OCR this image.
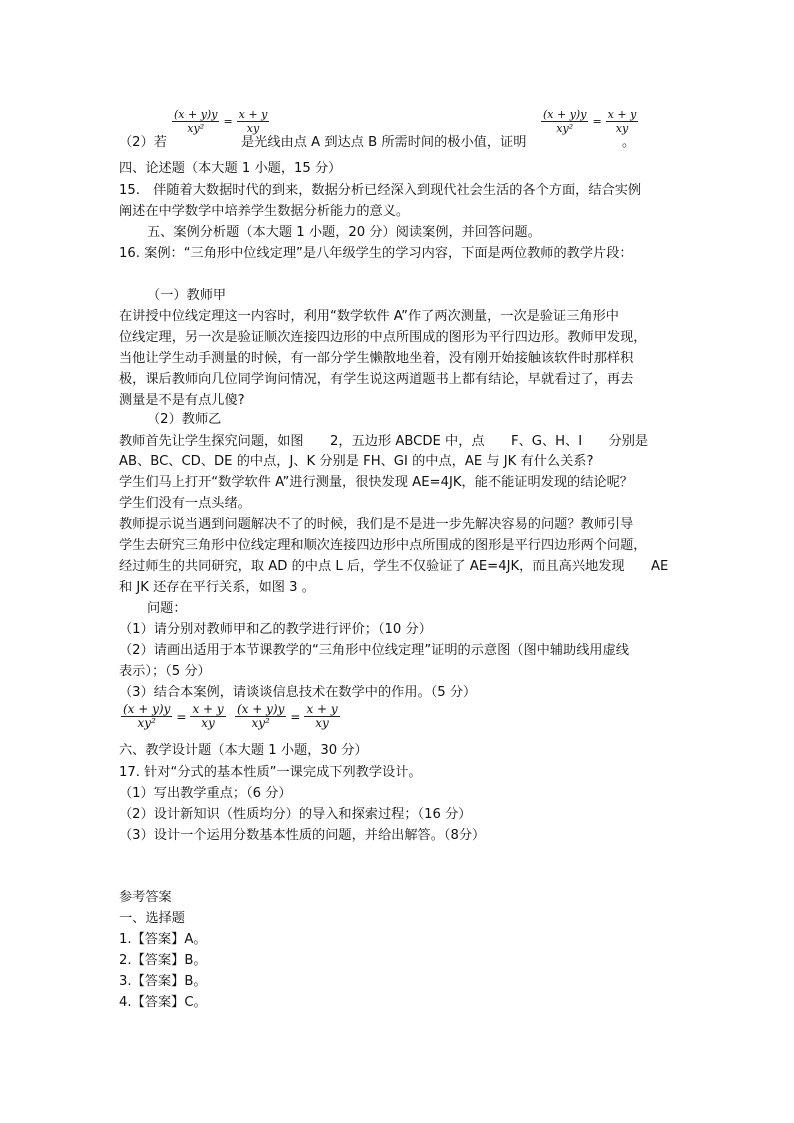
$\frac{(x + y)y}{\text{xy²}} = \frac{x + y}{xy}$
（2）若	是光线由点 A 到达点 B 所需时间的极小值，证明
$\frac{(x + y)y}{\text{xy²}} = \frac{x + y}{xy}$
。
四、论述题（本大题 1 小题，15 分）
15.　伴随着大数据时代的到来，数据分析已经深入到现代社会生活的各个方面，结合实例
阐述在中学数学中培养学生数据分析能力的意义。
五、案例分析题（本大题 1 小题，20 分）阅读案例，并回答问题。
16. 案例：“三角形中位线定理”是八年级学生的学习内容，下面是两位教师的教学片段：
（一）教师甲
在讲授中位线定理这一内容时，利用“数学软件 A”作了两次测量，一次是验证三角形中
位线定理，另一次是验证顺次连接四边形的中点所围成的图形为平行四边形。教师甲发现，
当他让学生动手测量的时候，有一部分学生懒散地坐着，没有刚开始接触该软件时那样积
极，课后教师向几位同学询问情况，有学生说这两道题书上都有结论，早就看过了，再去
测量是不是有点儿傻?
（2）教师乙
教师首先让学生探究问题，如图　　2，五边形 ABCDE 中，点　　F、G、H、I　　分别是
AB、BC、CD、DE 的中点，J、K 分别是 FH、GI 的中点，AE 与 JK 有什么关系?
学生们马上打开“数学软件 A”进行测量，很快发现 AE=4JK，能不能证明发现的结论呢？
学生们没有一点头绪。
教师提示说当遇到问题解决不了的时候，我们是不是进一步先解决容易的问题？教师引导
学生去研究三角形中位线定理和顺次连接四边形中点所围成的图形是平行四边形两个问题，
经过师生的共同研究，取 AD 的中点 L 后，学生不仅验证了 AE=4JK，而且高兴地发现　　AE
和 JK 还存在平行关系，如图 3 。
问题：
（1）请分别对教师甲和乙的教学进行评价；（10 分）
（2）请画出适用于本节课教学的“三角形中位线定理”证明的示意图（图中辅助线用虚线
表示）；（5 分）
（3）结合本案例，请谈谈信息技术在数学中的作用。（5 分）
$\frac{(x + y)y}{\text{xy²}} = \frac{x + y}{xy} \frac{(x + y)y}{\text{xy²}} = \frac{x + y}{xy}$
六、教学设计题（本大题 1 小题，30 分）
17. 针对“分式的基本性质”一课完成下列教学设计。
（1）写出教学重点；（6 分）
（2）设计新知识（性质均分）的导入和探索过程；（16 分）
（3）设计一个运用分数基本性质的问题，并给出解答。（8分）
参考答案
一、选择题
1.【答案】A。
2.【答案】B。
3.【答案】B。
4.【答案】C。
